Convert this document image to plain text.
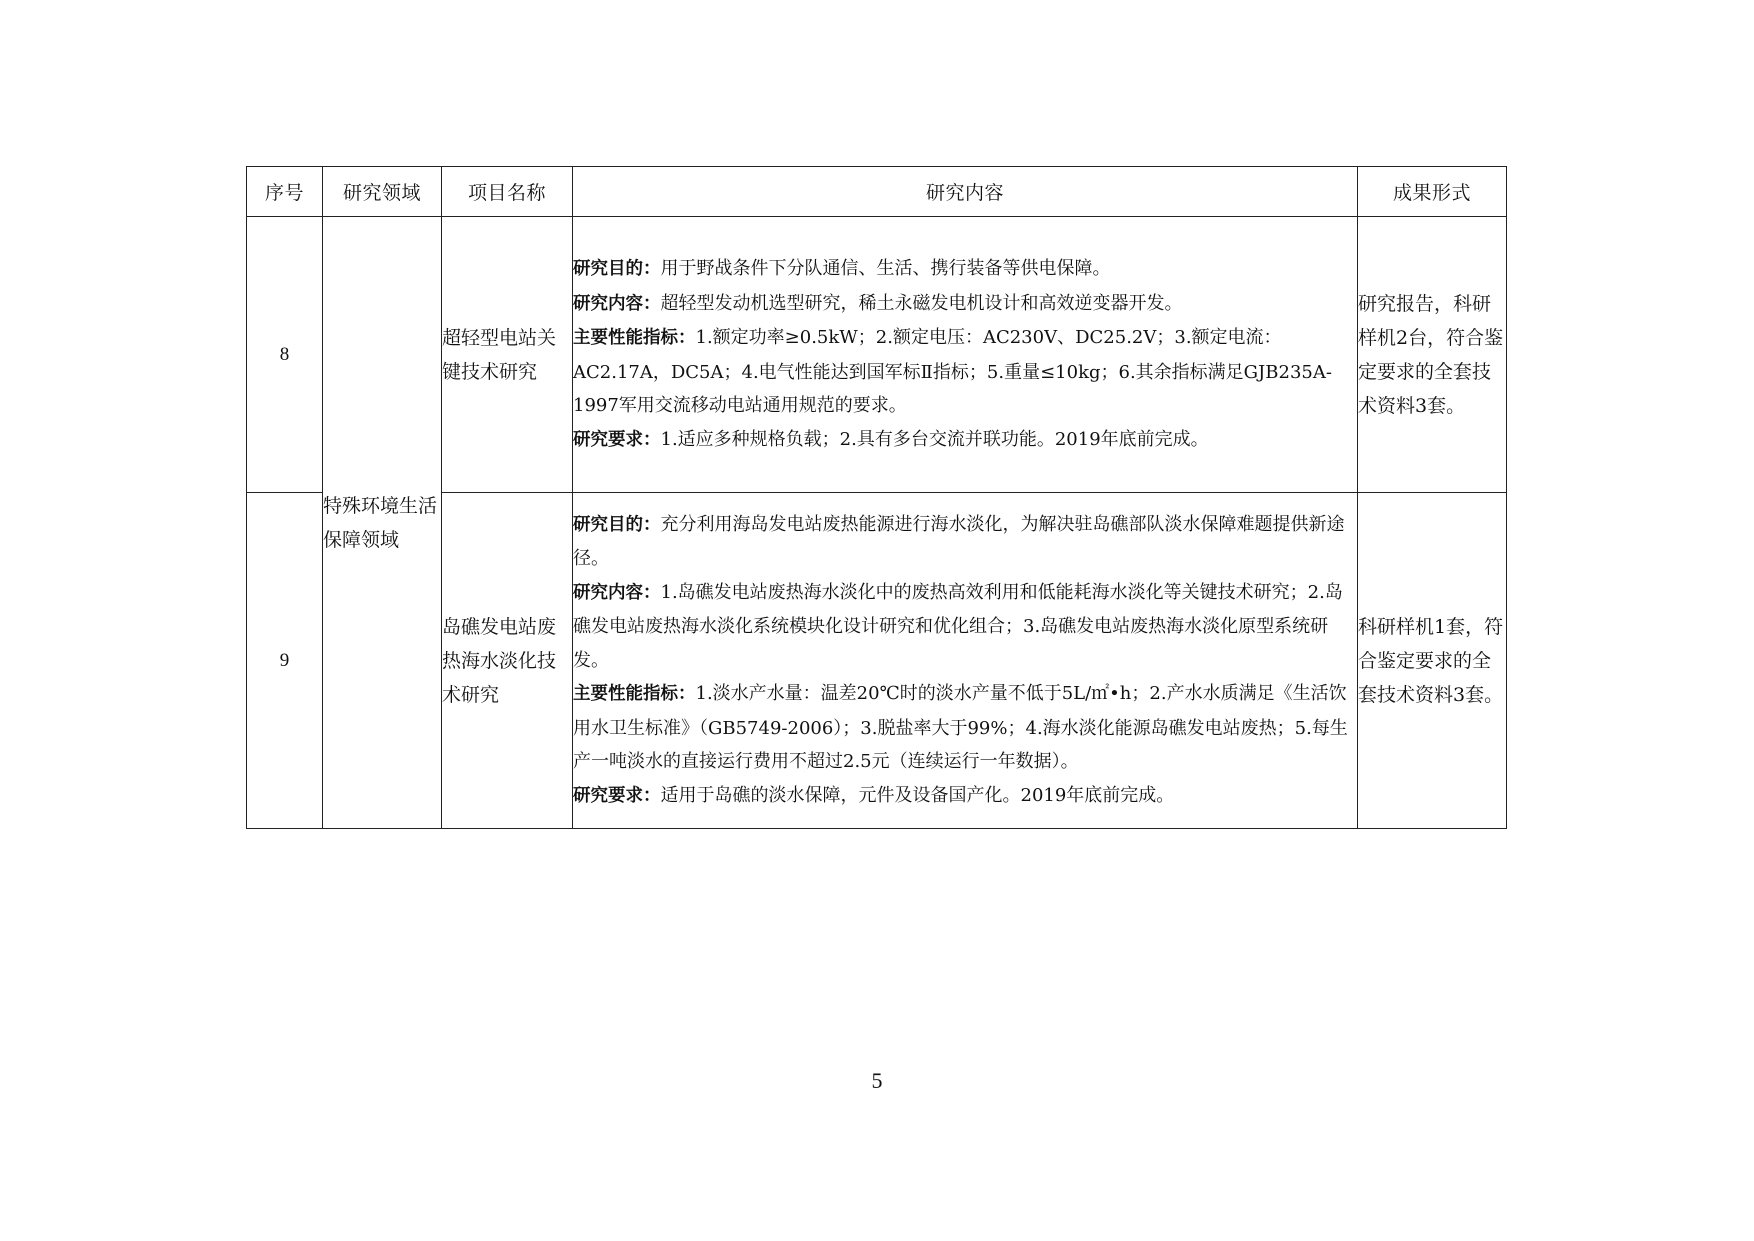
序号	研究领域	项目名称	研究内容	成果形式
8	特殊环境生活保障领域	超轻型电站关键技术研究	研究目的：用于野战条件下分队通信、生活、携行装备等供电保障。
研究内容：超轻型发动机选型研究，稀土永磁发电机设计和高效逆变器开发。
主要性能指标：1.额定功率≥0.5kW；2.额定电压：AC230V、DC25.2V；3.额定电流：AC2.17A，DC5A；4.电气性能达到国军标Ⅱ指标；5.重量≤10kg；6.其余指标满足GJB235A-1997军用交流移动电站通用规范的要求。
研究要求：1.适应多种规格负载；2.具有多台交流并联功能。2019年底前完成。	研究报告，科研样机2台，符合鉴定要求的全套技术资料3套。
9		岛礁发电站废热海水淡化技术研究	研究目的：充分利用海岛发电站废热能源进行海水淡化，为解决驻岛礁部队淡水保障难题提供新途径。
研究内容：1.岛礁发电站废热海水淡化中的废热高效利用和低能耗海水淡化等关键技术研究；2.岛礁发电站废热海水淡化系统模块化设计研究和优化组合；3.岛礁发电站废热海水淡化原型系统研发。
主要性能指标：1.淡水产水量：温差20℃时的淡水产量不低于5L/㎡•h；2.产水水质满足《生活饮用水卫生标准》（GB5749-2006）；3.脱盐率大于99%；4.海水淡化能源岛礁发电站废热；5.每生产一吨淡水的直接运行费用不超过2.5元（连续运行一年数据）。
研究要求：适用于岛礁的淡水保障，元件及设备国产化。2019年底前完成。	科研样机1套，符合鉴定要求的全套技术资料3套。
5
